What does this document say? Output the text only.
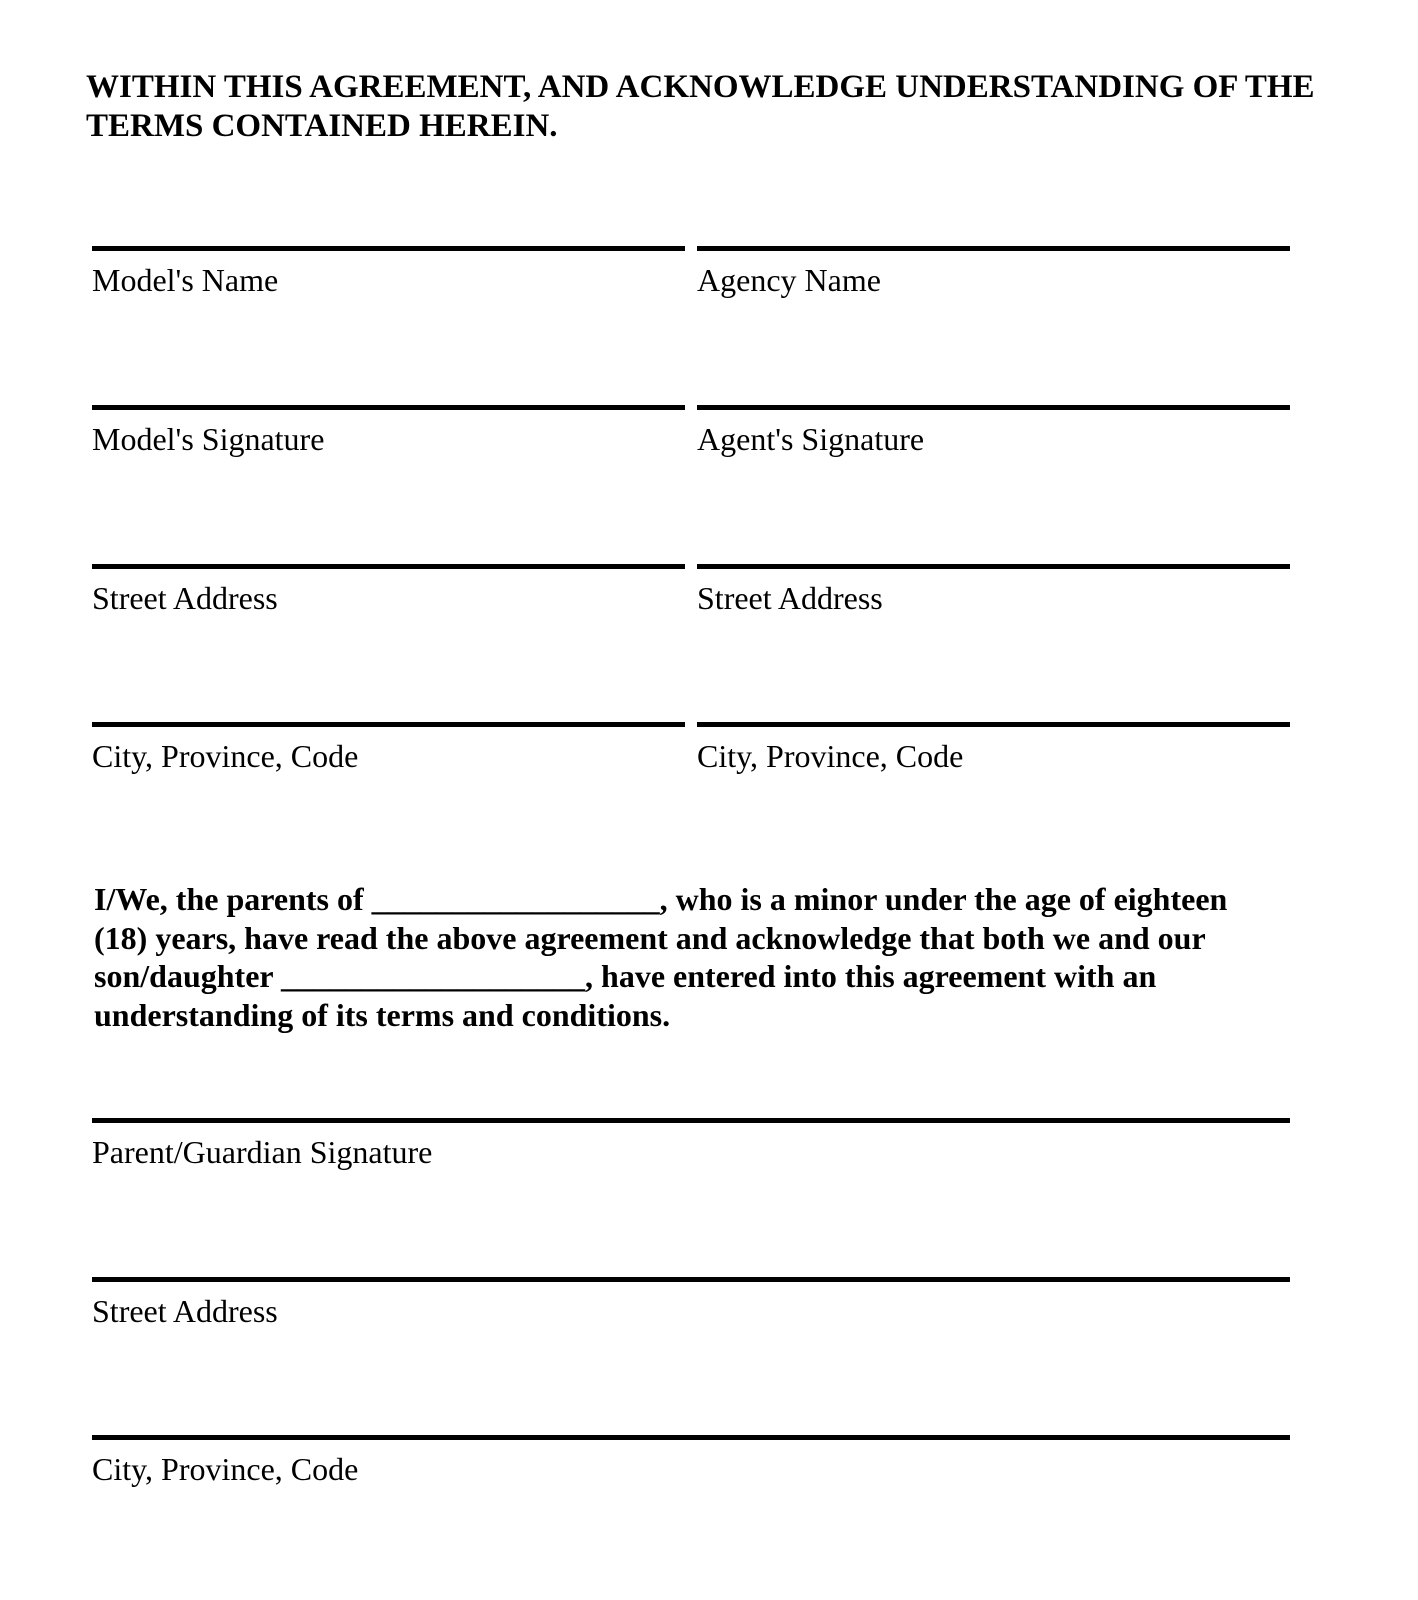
WITHIN THIS AGREEMENT, AND ACKNOWLEDGE UNDERSTANDING OF THE
TERMS CONTAINED HEREIN.
Model's Name
Model's Signature
Street Address
City, Province, Code
Agency Name
Agent's Signature
Street Address
City, Province, Code
I/We, the parents of __________________, who is a minor under the age of eighteen
(18) years, have read the above agreement and acknowledge that both we and our
son/daughter ___________________, have entered into this agreement with an
understanding of its terms and conditions.
Parent/Guardian Signature
Street Address
City, Province, Code
